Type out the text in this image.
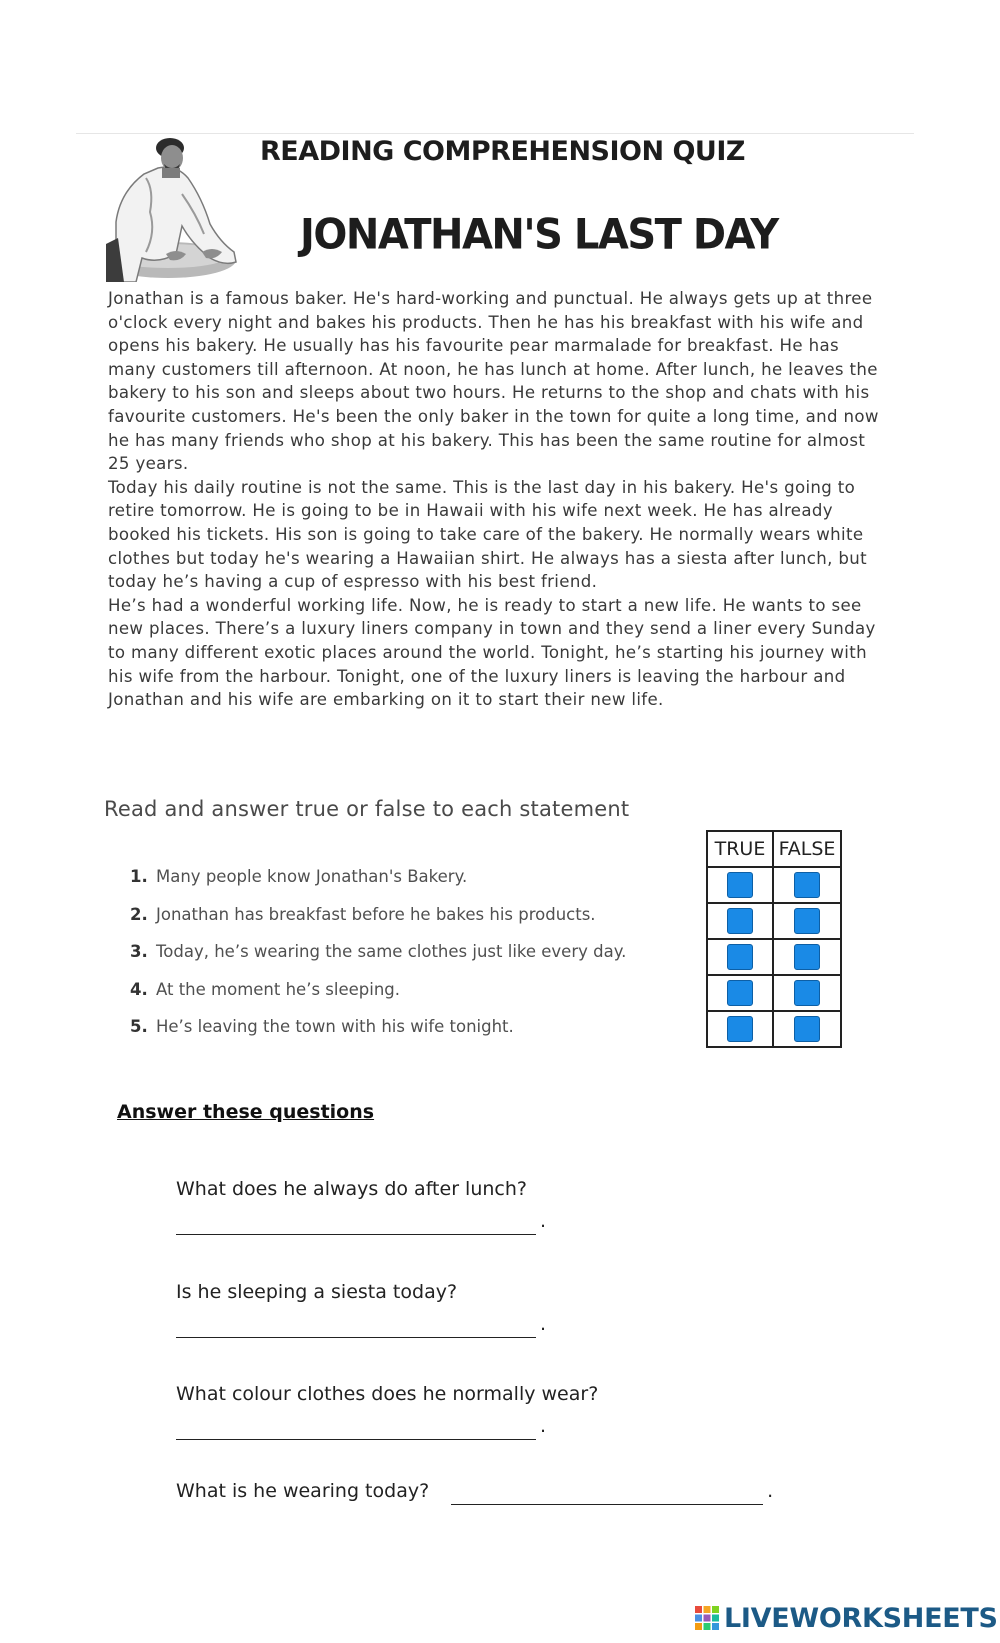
READING COMPREHENSION QUIZ
JONATHAN'S LAST DAY

Jonathan is a famous baker. He's hard-working and punctual. He always gets up at three o'clock every night and bakes his products. Then he has his breakfast with his wife and opens his bakery. He usually has his favourite pear marmalade for breakfast. He has many customers till afternoon. At noon, he has lunch at home. After lunch, he leaves the bakery to his son and sleeps about two hours. He returns to the shop and chats with his favourite customers. He's been the only baker in the town for quite a long time, and now he has many friends who shop at his bakery. This has been the same routine for almost 25 years.

Today his daily routine is not the same. This is the last day in his bakery. He's going to retire tomorrow. He is going to be in Hawaii with his wife next week. He has already booked his tickets. His son is going to take care of the bakery. He normally wears white clothes but today he's wearing a Hawaiian shirt. He always has a siesta after lunch, but today he’s having a cup of espresso with his best friend.

He’s had a wonderful working life. Now, he is ready to start a new life. He wants to see new places. There’s a luxury liners company in town and they send a liner every Sunday to many different exotic places around the world. Tonight, he’s starting his journey with his wife from the harbour. Tonight, one of the luxury liners is leaving the harbour and Jonathan and his wife are embarking on it to start their new life.

Read and answer true or false to each statement
1. Many people know Jonathan's Bakery.
2. Jonathan has breakfast before he bakes his products.
3. Today, he’s wearing the same clothes just like every day.
4. At the moment he’s sleeping.
5. He’s leaving the town with his wife tonight.
TRUE	FALSE

Answer these questions
What does he always do after lunch?
.
Is he sleeping a siesta today?
.
What colour clothes does he normally wear?
.
What is he wearing today?	.
LIVEWORKSHEETS
